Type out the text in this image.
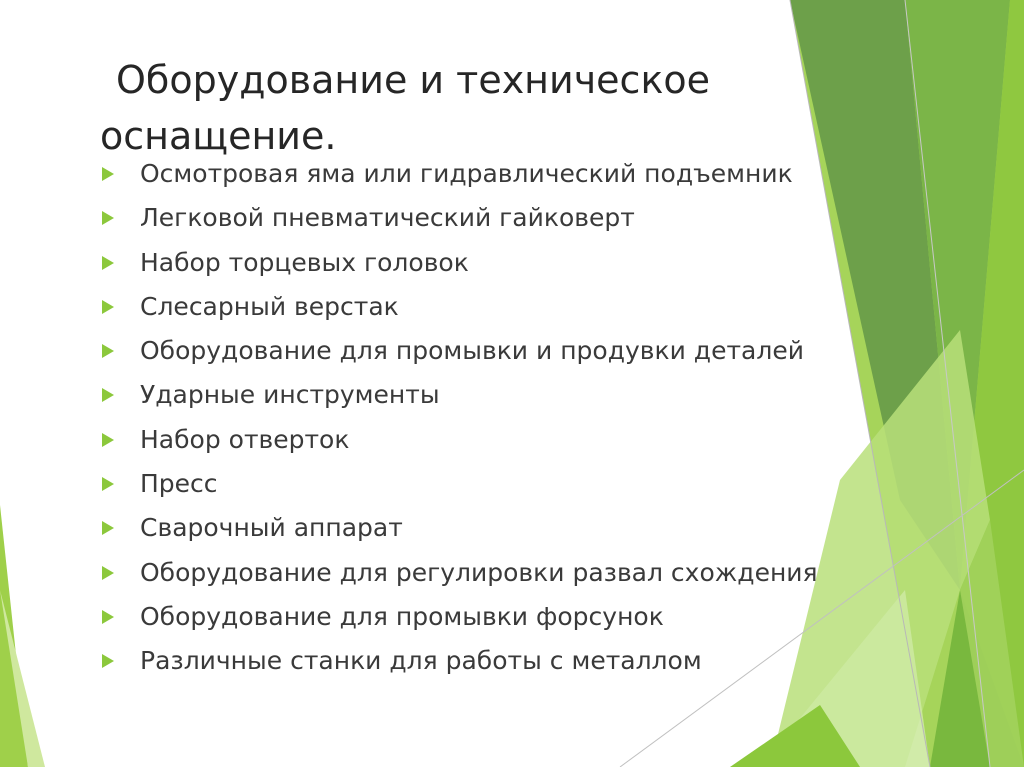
Оборудование и техническое
оснащение.
Осмотровая яма или гидравлический подъемник
Легковой пневматический гайковерт
Набор торцевых головок
Слесарный верстак
Оборудование для промывки и продувки деталей
Ударные инструменты
Набор отверток
Пресс
Сварочный аппарат
Оборудование для регулировки развал схождения
Оборудование для промывки форсунок
Различные станки для работы с металлом
